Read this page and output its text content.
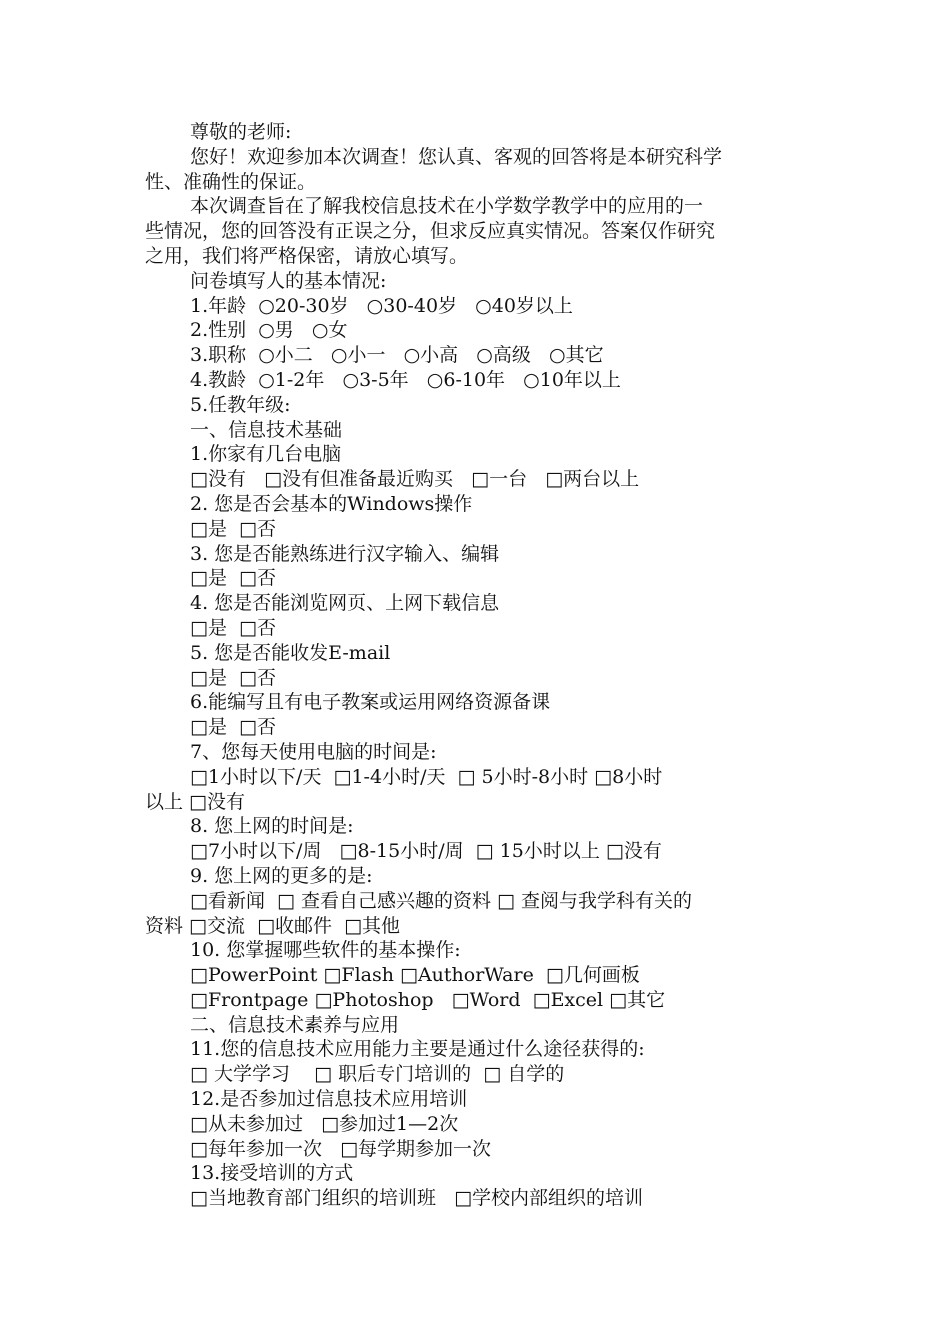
尊敬的老师:

您好！欢迎参加本次调查！您认真、客观的回答将是本研究科学

性、准确性的保证。

本次调查旨在了解我校信息技术在小学数学教学中的应用的一

些情况，您的回答没有正误之分，但求反应真实情况。答案仅作研究

之用，我们将严格保密，请放心填写。

问卷填写人的基本情况:

1.年龄  ○20-30岁   ○30-40岁   ○40岁以上

2.性别  ○男   ○女

3.职称  ○小二   ○小一   ○小高   ○高级   ○其它

4.教龄  ○1-2年   ○3-5年   ○6-10年   ○10年以上

5.任教年级:

一、信息技术基础

1.你家有几台电脑

□没有   □没有但准备最近购买   □一台   □两台以上

2. 您是否会基本的Windows操作

□是  □否

3. 您是否能熟练进行汉字输入、编辑

□是  □否

4. 您是否能浏览网页、上网下载信息

□是  □否

5. 您是否能收发E-mail

□是  □否

6.能编写且有电子教案或运用网络资源备课

□是  □否

7、您每天使用电脑的时间是:

□1小时以下/天  □1-4小时/天  □ 5小时-8小时 □8小时

以上 □没有

8. 您上网的时间是:

□7小时以下/周   □8-15小时/周  □ 15小时以上 □没有

9. 您上网的更多的是:

□看新闻  □ 查看自己感兴趣的资料 □ 查阅与我学科有关的

资料 □交流  □收邮件  □其他

10. 您掌握哪些软件的基本操作:

□PowerPoint □Flash □AuthorWare  □几何画板

□Frontpage □Photoshop   □Word  □Excel □其它

二、信息技术素养与应用

11.您的信息技术应用能力主要是通过什么途径获得的:

□ 大学学习    □ 职后专门培训的  □ 自学的

12.是否参加过信息技术应用培训

□从未参加过   □参加过1—2次

□每年参加一次   □每学期参加一次

13.接受培训的方式

□当地教育部门组织的培训班   □学校内部组织的培训
